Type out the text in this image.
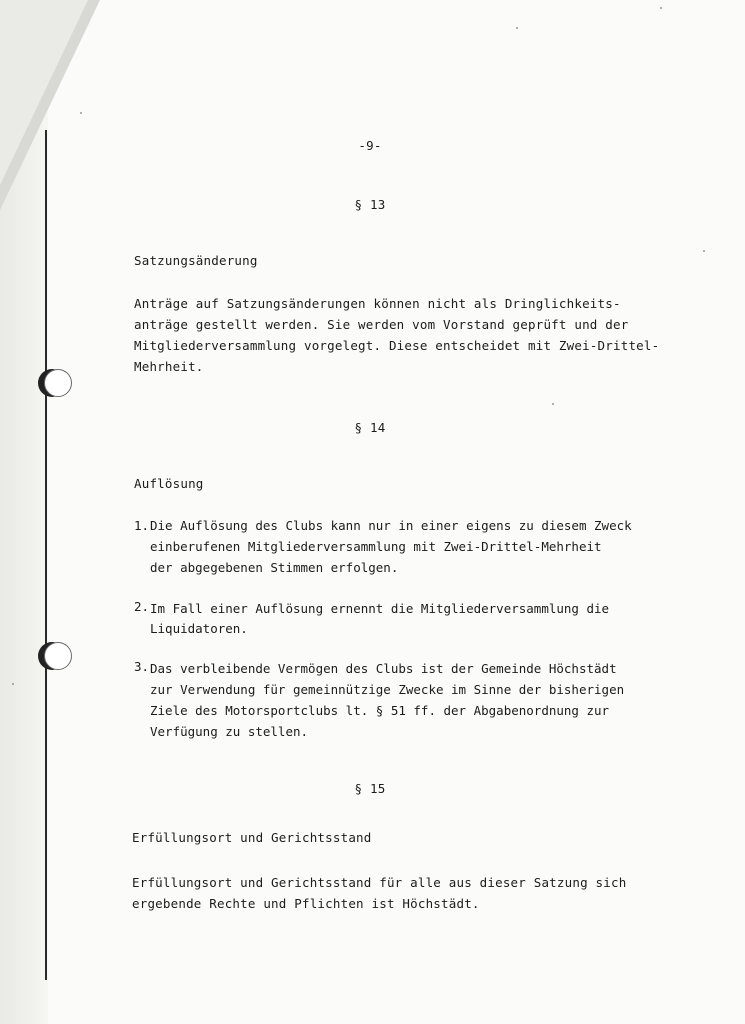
-9-
§ 13
Satzungsänderung
Anträge auf Satzungsänderungen können nicht als Dringlichkeits-
anträge gestellt werden. Sie werden vom Vorstand geprüft und der
Mitgliederversammlung vorgelegt. Diese entscheidet mit Zwei-Drittel-
Mehrheit.
§ 14
Auflösung
1. Die Auflösung des Clubs kann nur in einer eigens zu diesem Zweck
einberufenen Mitgliederversammlung mit Zwei-Drittel-Mehrheit
der abgegebenen Stimmen erfolgen.
2. Im Fall einer Auflösung ernennt die Mitgliederversammlung die
Liquidatoren.
3. Das verbleibende Vermögen des Clubs ist der Gemeinde Höchstädt
zur Verwendung für gemeinnützige Zwecke im Sinne der bisherigen
Ziele des Motorsportclubs lt. § 51 ff. der Abgabenordnung zur
Verfügung zu stellen.
§ 15
Erfüllungsort und Gerichtsstand
Erfüllungsort und Gerichtsstand für alle aus dieser Satzung sich
ergebende Rechte und Pflichten ist Höchstädt.
